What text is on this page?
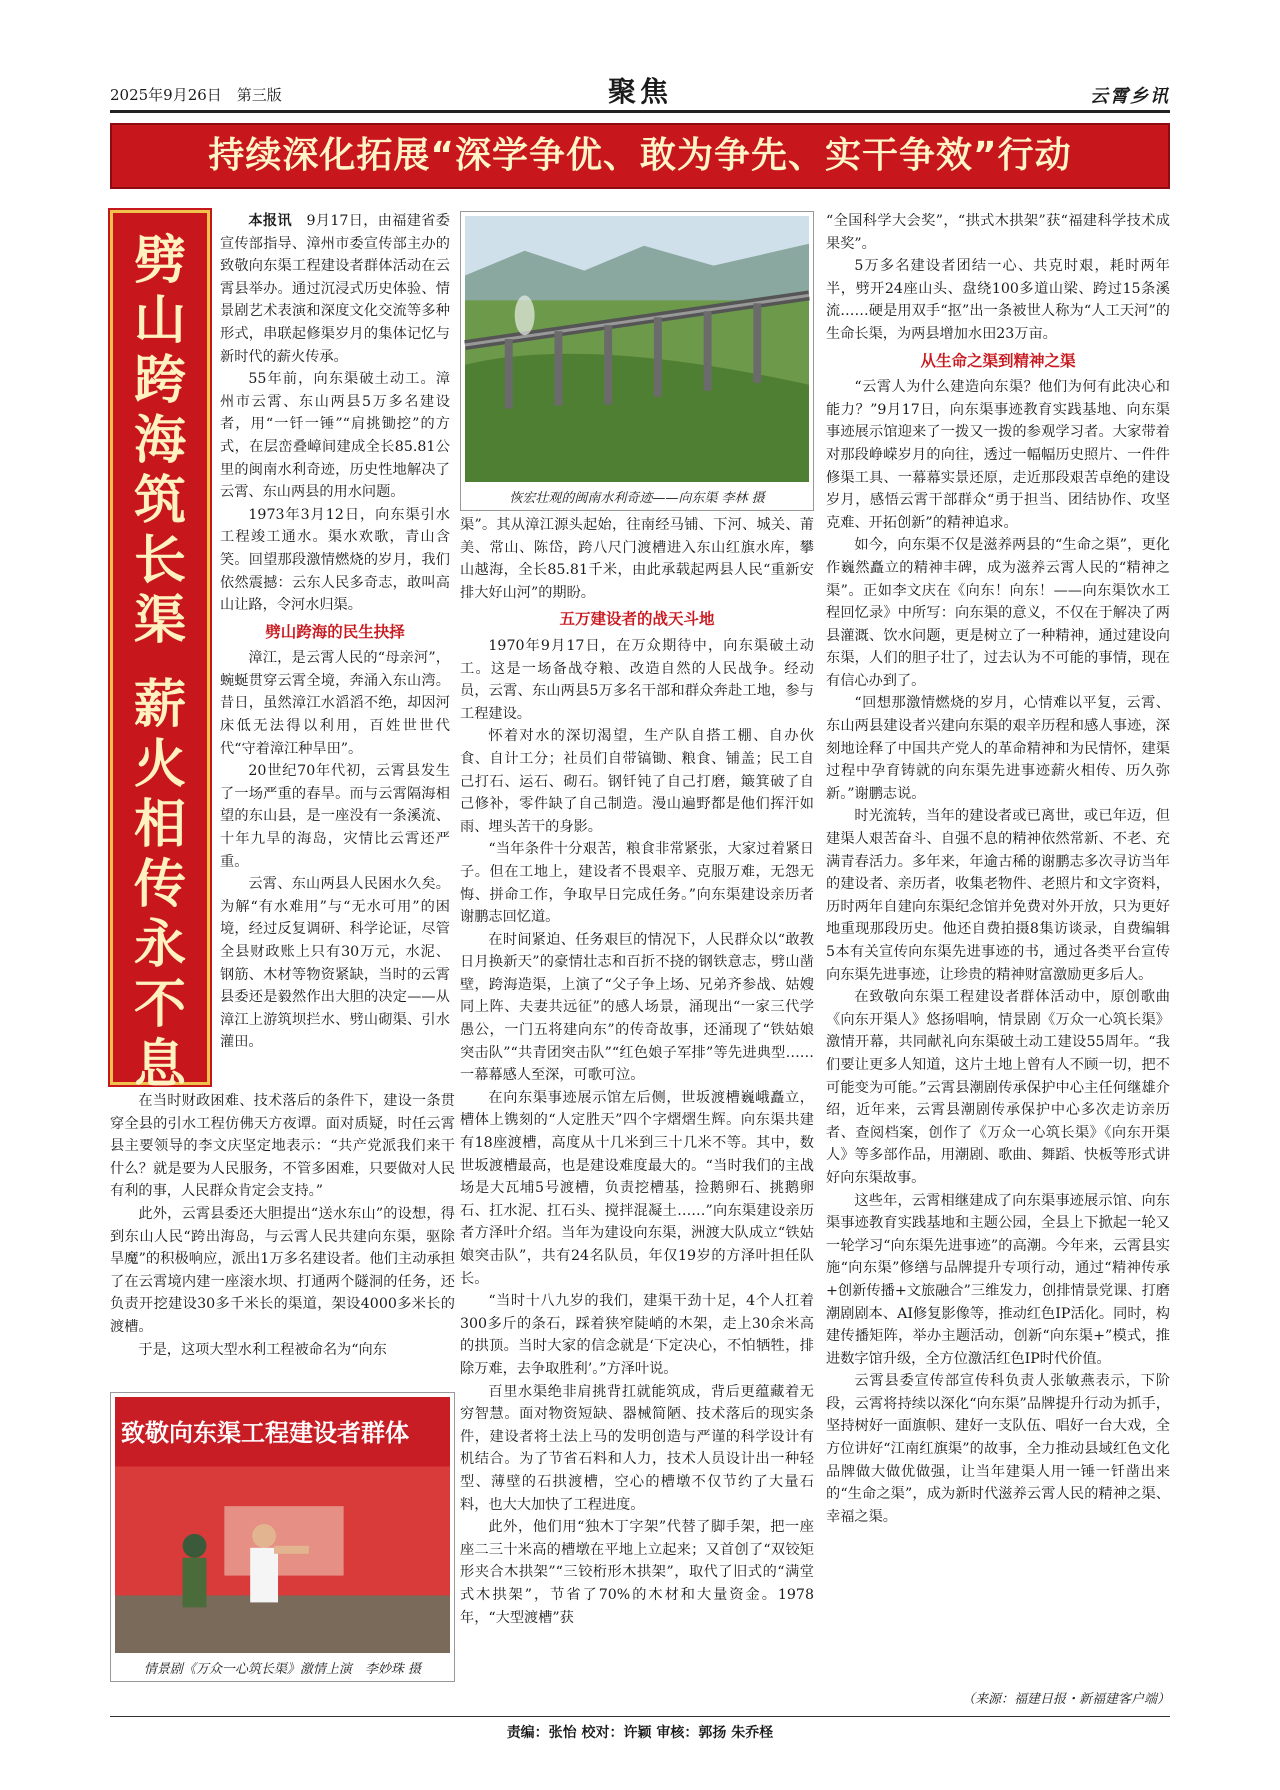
2025年9月26日　第三版	聚焦	云霄乡讯
持续深化拓展“深学争优、敢为争先、实干争效”行动
劈
山
跨
海
筑
长
渠
薪
火
相
传
永
不
息

本报讯　 9月17日，由福建省委宣传部指导、漳州市委宣传部主办的致敬向东渠工程建设者群体活动在云霄县举办。通过沉浸式历史体验、情景剧艺术表演和深度文化交流等多种形式，串联起修渠岁月的集体记忆与新时代的薪火传承。

55年前，向东渠破土动工。漳州市云霄、东山两县5万多名建设者，用“一钎一锤”“肩挑锄挖”的方式，在层峦叠嶂间建成全长85.81公里的闽南水利奇迹，历史性地解决了云霄、东山两县的用水问题。

1973年3月12日，向东渠引水工程竣工通水。渠水欢歌，青山含笑。回望那段激情燃烧的岁月，我们依然震撼：云东人民多奇志，敢叫高山让路，令河水归渠。

劈山跨海的民生抉择

漳江，是云霄人民的“母亲河”，蜿蜒贯穿云霄全境，奔涌入东山湾。昔日，虽然漳江水滔滔不绝，却因河床低无法得以利用，百姓世世代代“守着漳江种旱田”。

20世纪70年代初，云霄县发生了一场严重的春旱。而与云霄隔海相望的东山县，是一座没有一条溪流、十年九旱的海岛，灾情比云霄还严重。

云霄、东山两县人民困水久矣。为解“有水难用”与“无水可用”的困境，经过反复调研、科学论证，尽管全县财政账上只有30万元，水泥、钢筋、木材等物资紧缺，当时的云霄县委还是毅然作出大胆的决定——从漳江上游筑坝拦水、劈山砌渠、引水灌田。

在当时财政困难、技术落后的条件下，建设一条贯穿全县的引水工程仿佛天方夜谭。面对质疑，时任云霄县主要领导的李文庆坚定地表示：“共产党派我们来干什么？就是要为人民服务，不管多困难，只要做对人民有利的事，人民群众肯定会支持。”

此外，云霄县委还大胆提出“送水东山”的设想，得到东山人民“跨出海岛，与云霄人民共建向东渠，驱除旱魔”的积极响应，派出1万多名建设者。他们主动承担了在云霄境内建一座滚水坝、打通两个隧洞的任务，还负责开挖建设30多千米长的渠道，架设4000多米长的渡槽。

于是，这项大型水利工程被命名为“向东

致敬向东渠工程建设者群体
情景剧《万众一心筑长渠》激情上演　李妙珠 摄
恢宏壮观的闽南水利奇迹——向东渠 李林 摄

渠”。其从漳江源头起始，往南经马铺、下河、城关、莆美、常山、陈岱，跨八尺门渡槽进入东山红旗水库，攀山越海，全长85.81千米，由此承载起两县人民“重新安排大好山河”的期盼。

五万建设者的战天斗地

1970年9月17日，在万众期待中，向东渠破土动工。这是一场备战夺粮、改造自然的人民战争。经动员，云霄、东山两县5万多名干部和群众奔赴工地，参与工程建设。

怀着对水的深切渴望，生产队自搭工棚、自办伙食、自计工分；社员们自带镐锄、粮食、铺盖；民工自己打石、运石、砌石。钢钎钝了自己打磨，簸箕破了自己修补，零件缺了自己制造。漫山遍野都是他们挥汗如雨、埋头苦干的身影。

“当年条件十分艰苦，粮食非常紧张，大家过着紧日子。但在工地上，建设者不畏艰辛、克服万难，无怨无悔、拼命工作，争取早日完成任务。”向东渠建设亲历者谢鹏志回忆道。

在时间紧迫、任务艰巨的情况下，人民群众以“敢教日月换新天”的豪情壮志和百折不挠的钢铁意志，劈山凿壁，跨海造渠，上演了“父子争上场、兄弟齐参战、姑嫂同上阵、夫妻共远征”的感人场景，涌现出“一家三代学愚公，一门五将建向东”的传奇故事，还涌现了“铁姑娘突击队”“共青团突击队”“红色娘子军排”等先进典型……一幕幕感人至深，可歌可泣。

在向东渠事迹展示馆左后侧，世坂渡槽巍峨矗立，槽体上镌刻的“人定胜天”四个字熠熠生辉。向东渠共建有18座渡槽，高度从十几米到三十几米不等。其中，数世坂渡槽最高，也是建设难度最大的。“当时我们的主战场是大瓦埔5号渡槽，负责挖槽基，捡鹅卵石、挑鹅卵石、扛水泥、扛石头、搅拌混凝土……”向东渠建设亲历者方泽叶介绍。当年为建设向东渠，洲渡大队成立“铁姑娘突击队”，共有24名队员，年仅19岁的方泽叶担任队长。

“当时十八九岁的我们，建渠干劲十足，4个人扛着300多斤的条石，踩着狭窄陡峭的木架，走上30余米高的拱顶。当时大家的信念就是‘下定决心，不怕牺牲，排除万难，去争取胜利’。”方泽叶说。

百里水渠绝非肩挑背扛就能筑成，背后更蕴藏着无穷智慧。面对物资短缺、器械简陋、技术落后的现实条件，建设者将土法上马的发明创造与严谨的科学设计有机结合。为了节省石料和人力，技术人员设计出一种轻型、薄壁的石拱渡槽，空心的槽墩不仅节约了大量石料，也大大加快了工程进度。

此外，他们用“独木丁字架”代替了脚手架，把一座座二三十米高的槽墩在平地上立起来；又首创了“双铰矩形夹合木拱架”“三铰桁形木拱架”，取代了旧式的“满堂式木拱架”，节省了70%的木材和大量资金。1978年，“大型渡槽”获

“全国科学大会奖”，“拱式木拱架”获“福建科学技术成果奖”。

5万多名建设者团结一心、共克时艰，耗时两年半，劈开24座山头、盘绕100多道山梁、跨过15条溪流……硬是用双手“抠”出一条被世人称为“人工天河”的生命长渠，为两县增加水田23万亩。

从生命之渠到精神之渠

“云霄人为什么建造向东渠？他们为何有此决心和能力？”9月17日，向东渠事迹教育实践基地、向东渠事迹展示馆迎来了一拨又一拨的参观学习者。大家带着对那段峥嵘岁月的向往，透过一幅幅历史照片、一件件修渠工具、一幕幕实景还原，走近那段艰苦卓绝的建设岁月，感悟云霄干部群众“勇于担当、团结协作、攻坚克难、开拓创新”的精神追求。

如今，向东渠不仅是滋养两县的“生命之渠”，更化作巍然矗立的精神丰碑，成为滋养云霄人民的“精神之渠”。正如李文庆在《向东！向东！——向东渠饮水工程回忆录》中所写：向东渠的意义，不仅在于解决了两县灌溉、饮水问题，更是树立了一种精神，通过建设向东渠，人们的胆子壮了，过去认为不可能的事情，现在有信心办到了。

“回想那激情燃烧的岁月，心情难以平复，云霄、东山两县建设者兴建向东渠的艰辛历程和感人事迹，深刻地诠释了中国共产党人的革命精神和为民情怀，建渠过程中孕育铸就的向东渠先进事迹薪火相传、历久弥新。”谢鹏志说。

时光流转，当年的建设者或已离世，或已年迈，但建渠人艰苦奋斗、自强不息的精神依然常新、不老、充满青春活力。多年来，年逾古稀的谢鹏志多次寻访当年的建设者、亲历者，收集老物件、老照片和文字资料，历时两年自建向东渠纪念馆并免费对外开放，只为更好地重现那段历史。他还自费拍摄8集访谈录，自费编辑5本有关宣传向东渠先进事迹的书，通过各类平台宣传向东渠先进事迹，让珍贵的精神财富激励更多后人。

在致敬向东渠工程建设者群体活动中，原创歌曲《向东开渠人》悠扬唱响，情景剧《万众一心筑长渠》激情开幕，共同献礼向东渠破土动工建设55周年。“我们要让更多人知道，这片土地上曾有人不顾一切，把不可能变为可能。”云霄县潮剧传承保护中心主任何继雄介绍，近年来，云霄县潮剧传承保护中心多次走访亲历者、查阅档案，创作了《万众一心筑长渠》《向东开渠人》等多部作品，用潮剧、歌曲、舞蹈、快板等形式讲好向东渠故事。

这些年，云霄相继建成了向东渠事迹展示馆、向东渠事迹教育实践基地和主题公园，全县上下掀起一轮又一轮学习“向东渠先进事迹”的高潮。今年来，云霄县实施“向东渠”修缮与品牌提升专项行动，通过“精神传承+创新传播+文旅融合”三维发力，创排情景党课、打磨潮剧剧本、AI修复影像等，推动红色IP活化。同时，构建传播矩阵，举办主题活动，创新“向东渠+”模式，推进数字馆升级，全方位激活红色IP时代价值。

云霄县委宣传部宣传科负责人张敏燕表示，下阶段，云霄将持续以深化“向东渠”品牌提升行动为抓手，坚持树好一面旗帜、建好一支队伍、唱好一台大戏，全方位讲好“江南红旗渠”的故事，全力推动县域红色文化品牌做大做优做强，让当年建渠人用一锤一钎凿出来的“生命之渠”，成为新时代滋养云霄人民的精神之渠、幸福之渠。

（来源：福建日报・新福建客户端）
责编：张怡 校对：许颖 审核：郭扬 朱乔柽
